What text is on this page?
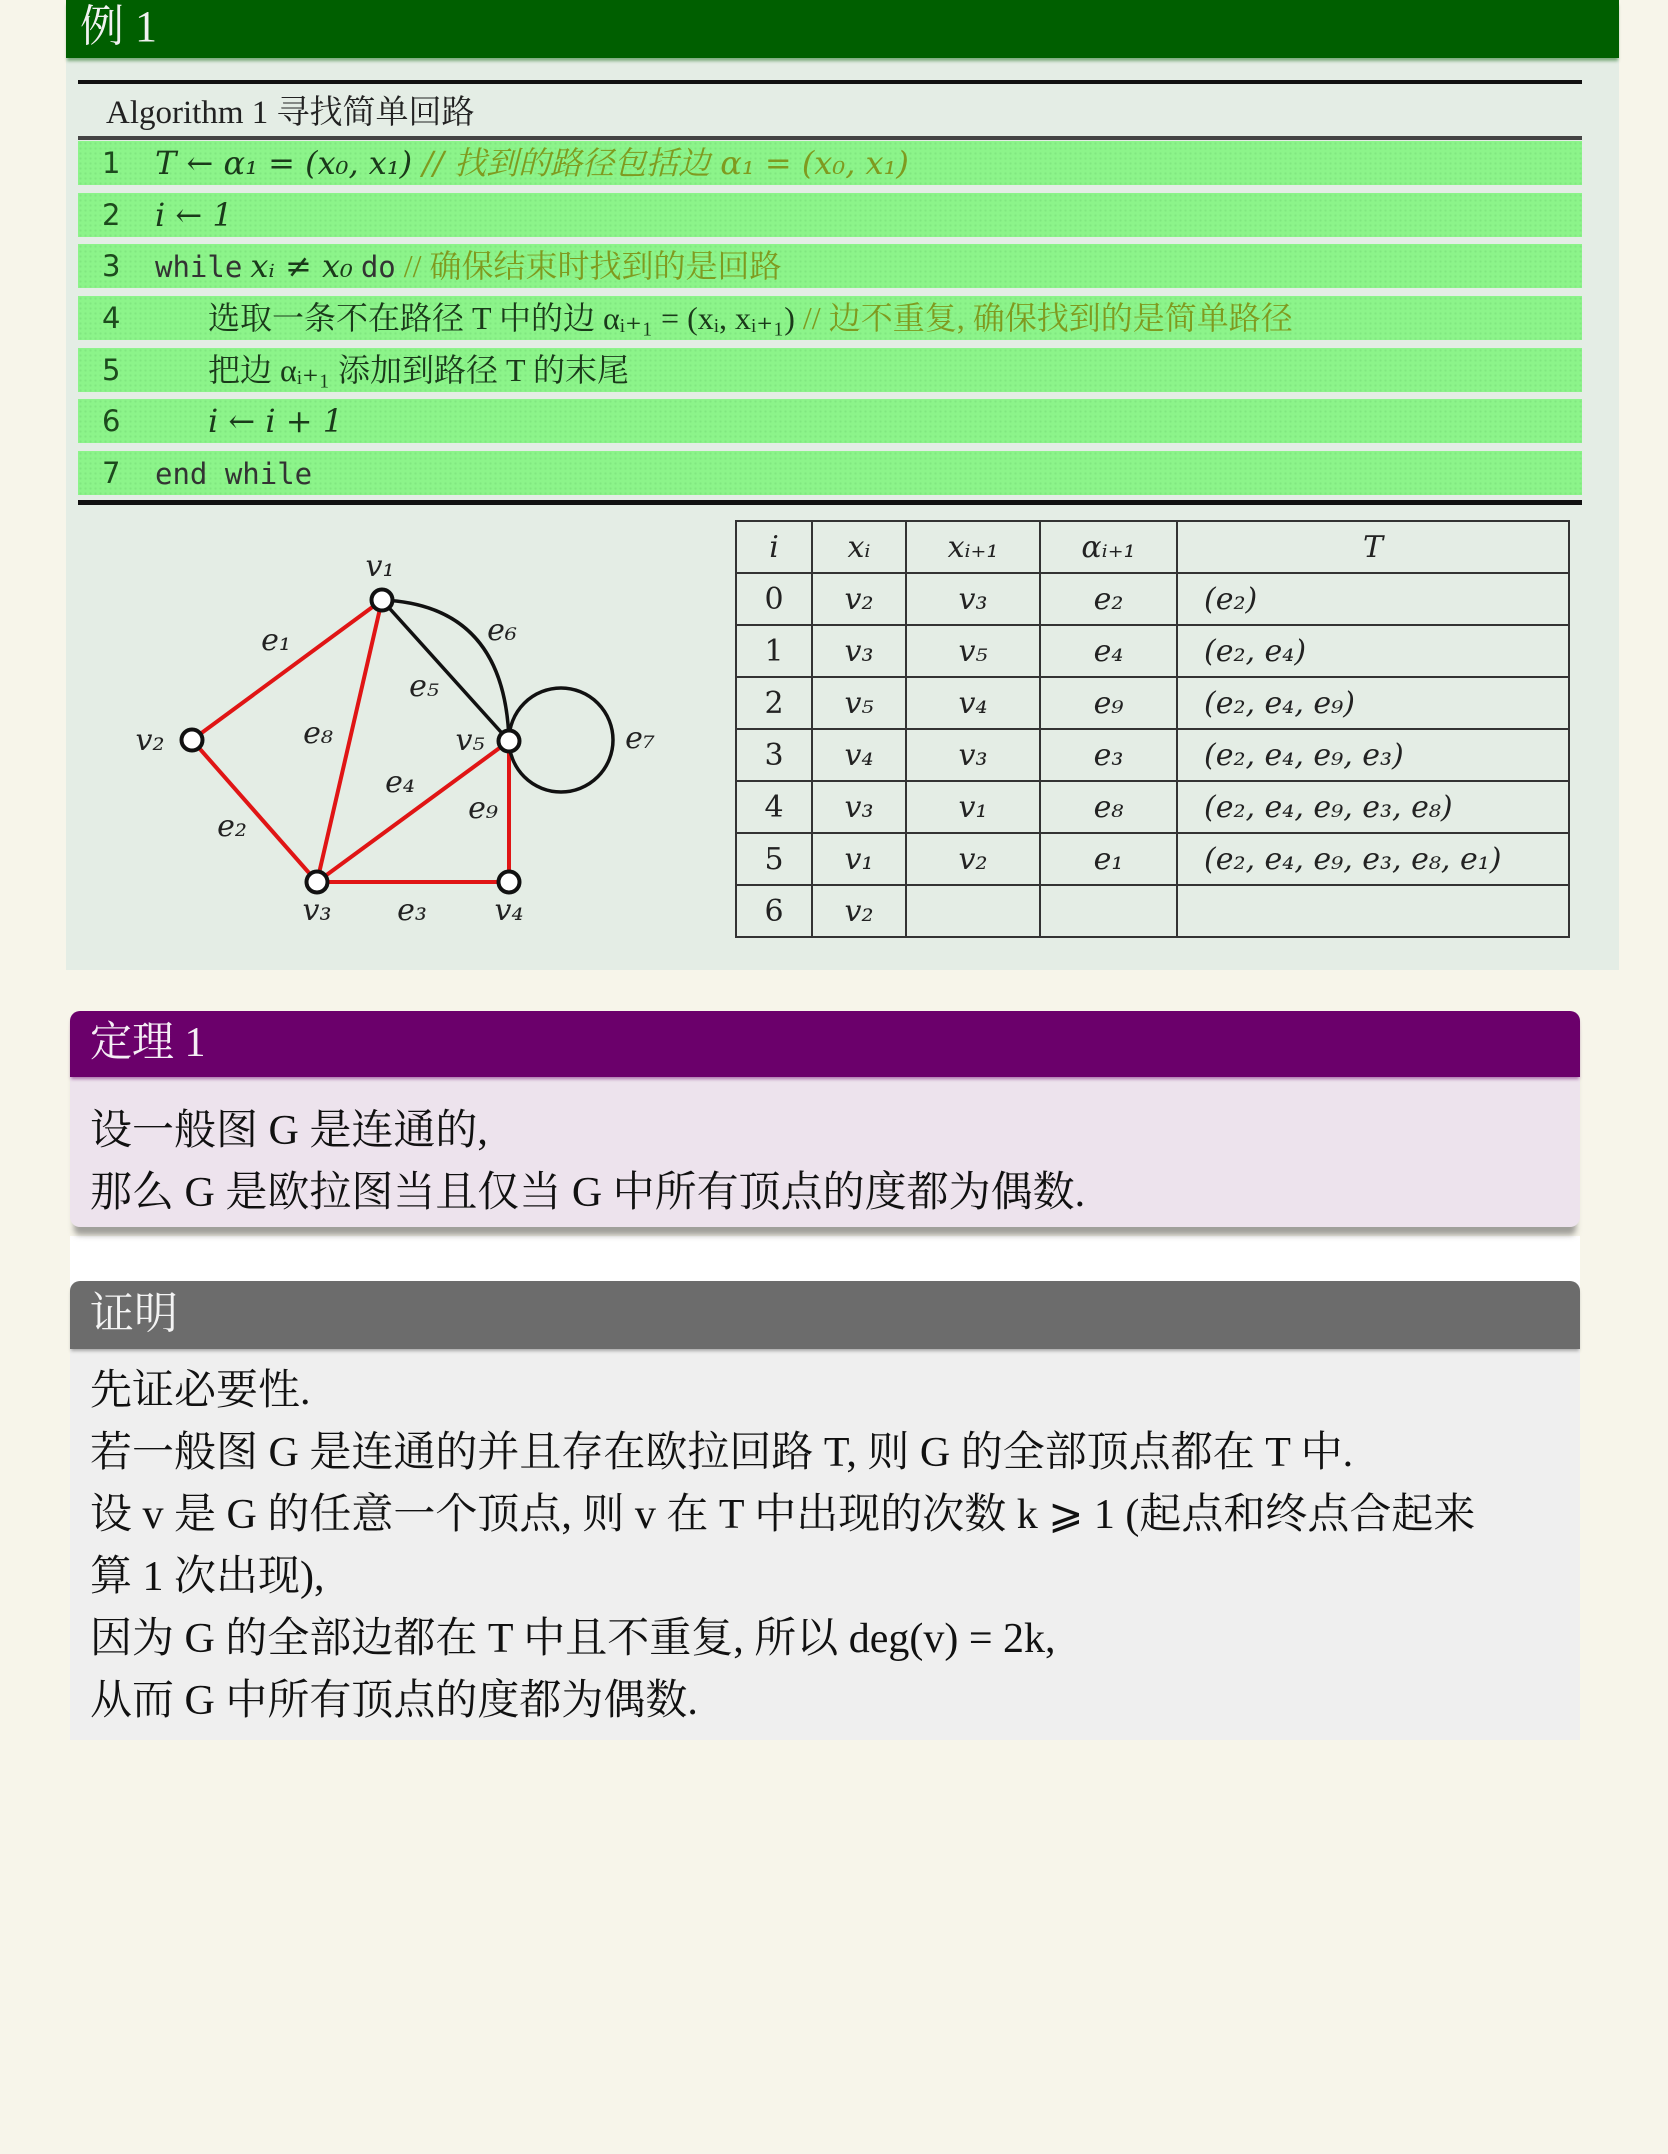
例 1
Algorithm 1 寻找简单回路
1	T ← α₁ = (x₀, x₁) // 找到的路径包括边 α₁ = (x₀, x₁)
2	i ← 1
3	while xᵢ ≠ x₀ do // 确保结束时找到的是回路
4	选取一条不在路径 T 中的边 αᵢ₊₁ = (xᵢ, xᵢ₊₁) // 边不重复, 确保找到的是简单路径
5	把边 αᵢ₊₁ 添加到路径 T 的末尾
6	i ← i + 1
7	end while
v₁
v₂
v₃	v₄
v₅
e₁
e₂
e₃
e₄
e₅
e₆
e₇
e₈
e₉
i	xᵢ	xᵢ₊₁	αᵢ₊₁	T
0	v₂	v₃	e₂	(e₂)
1	v₃	v₅	e₄	(e₂, e₄)
2	v₅	v₄	e₉	(e₂, e₄, e₉)
3	v₄	v₃	e₃	(e₂, e₄, e₉, e₃)
4	v₃	v₁	e₈	(e₂, e₄, e₉, e₃, e₈)
5	v₁	v₂	e₁	(e₂, e₄, e₉, e₃, e₈, e₁)
6	v₂			
定理 1
设一般图 G 是连通的,
那么 G 是欧拉图当且仅当 G 中所有顶点的度都为偶数.
证明
先证必要性.
若一般图 G 是连通的并且存在欧拉回路 T, 则 G 的全部顶点都在 T 中.
设 v 是 G 的任意一个顶点, 则 v 在 T 中出现的次数 k ⩾ 1 (起点和终点合起来
算 1 次出现),
因为 G 的全部边都在 T 中且不重复, 所以 deg(v) = 2k,
从而 G 中所有顶点的度都为偶数.
